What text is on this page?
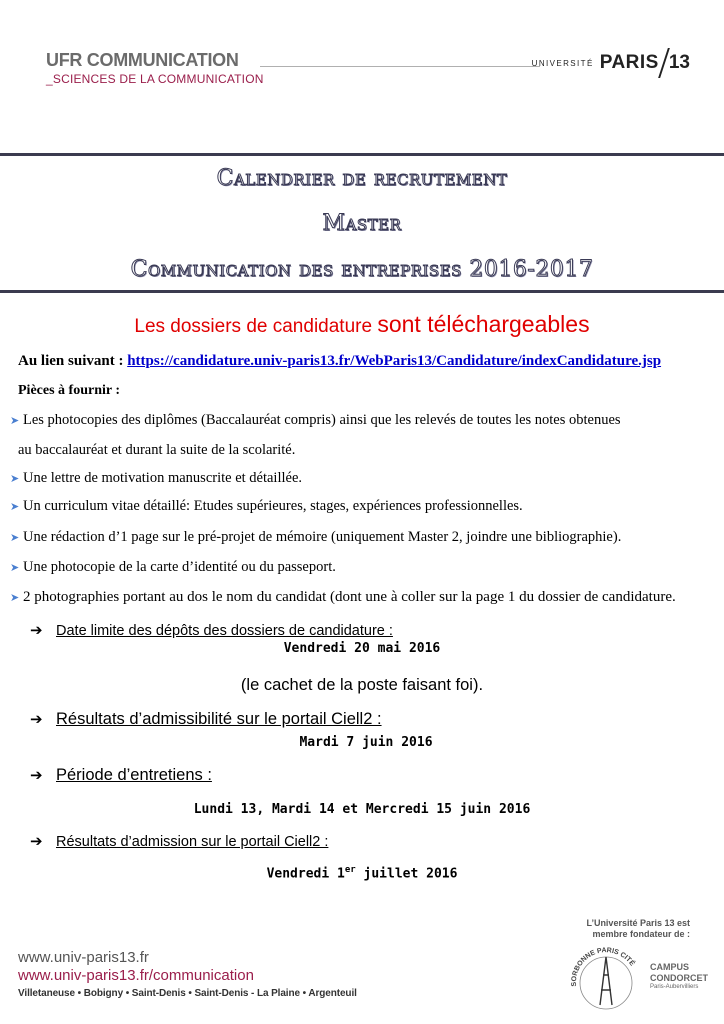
UFR COMMUNICATION
_SCIENCES DE LA COMMUNICATION
UNIVERSITÉ PARIS 13
Calendrier de recrutement
Master
Communication des entreprises 2016-2017
Les dossiers de candidature sont téléchargeables
Au lien suivant : https://candidature.univ-paris13.fr/WebParis13/Candidature/indexCandidature.jsp
Pièces à fournir :
➤ Les photocopies des diplômes (Baccalauréat compris) ainsi que les relevés de toutes les notes obtenues
au baccalauréat et durant la suite de la scolarité.
➤ Une lettre de motivation manuscrite et détaillée.
➤ Un curriculum vitae détaillé: Etudes supérieures, stages, expériences professionnelles.
➤ Une rédaction d’1 page sur le pré-projet de mémoire (uniquement Master 2, joindre une bibliographie).
➤ Une photocopie de la carte d’identité ou du passeport.
➤ 2 photographies portant au dos le nom du candidat (dont une à coller sur la page 1 du dossier de candidature.
➔ Date limite des dépôts des dossiers de candidature :
Vendredi 20 mai 2016
(le cachet de la poste faisant foi).
➔ Résultats d’admissibilité sur le portail Ciell2 :
Mardi 7 juin 2016
➔ Période d’entretiens :
Lundi 13, Mardi 14 et Mercredi 15 juin 2016
➔ Résultats d’admission sur le portail Ciell2 :
Vendredi 1er juillet 2016
www.univ-paris13.fr
www.univ-paris13.fr/communication
Villetaneuse • Bobigny • Saint-Denis • Saint-Denis - La Plaine • Argenteuil
L’Université Paris 13 est
membre fondateur de :
SORBONNE PARIS CITÉ CAMPUS
CONDORCET
Paris-Aubervilliers
